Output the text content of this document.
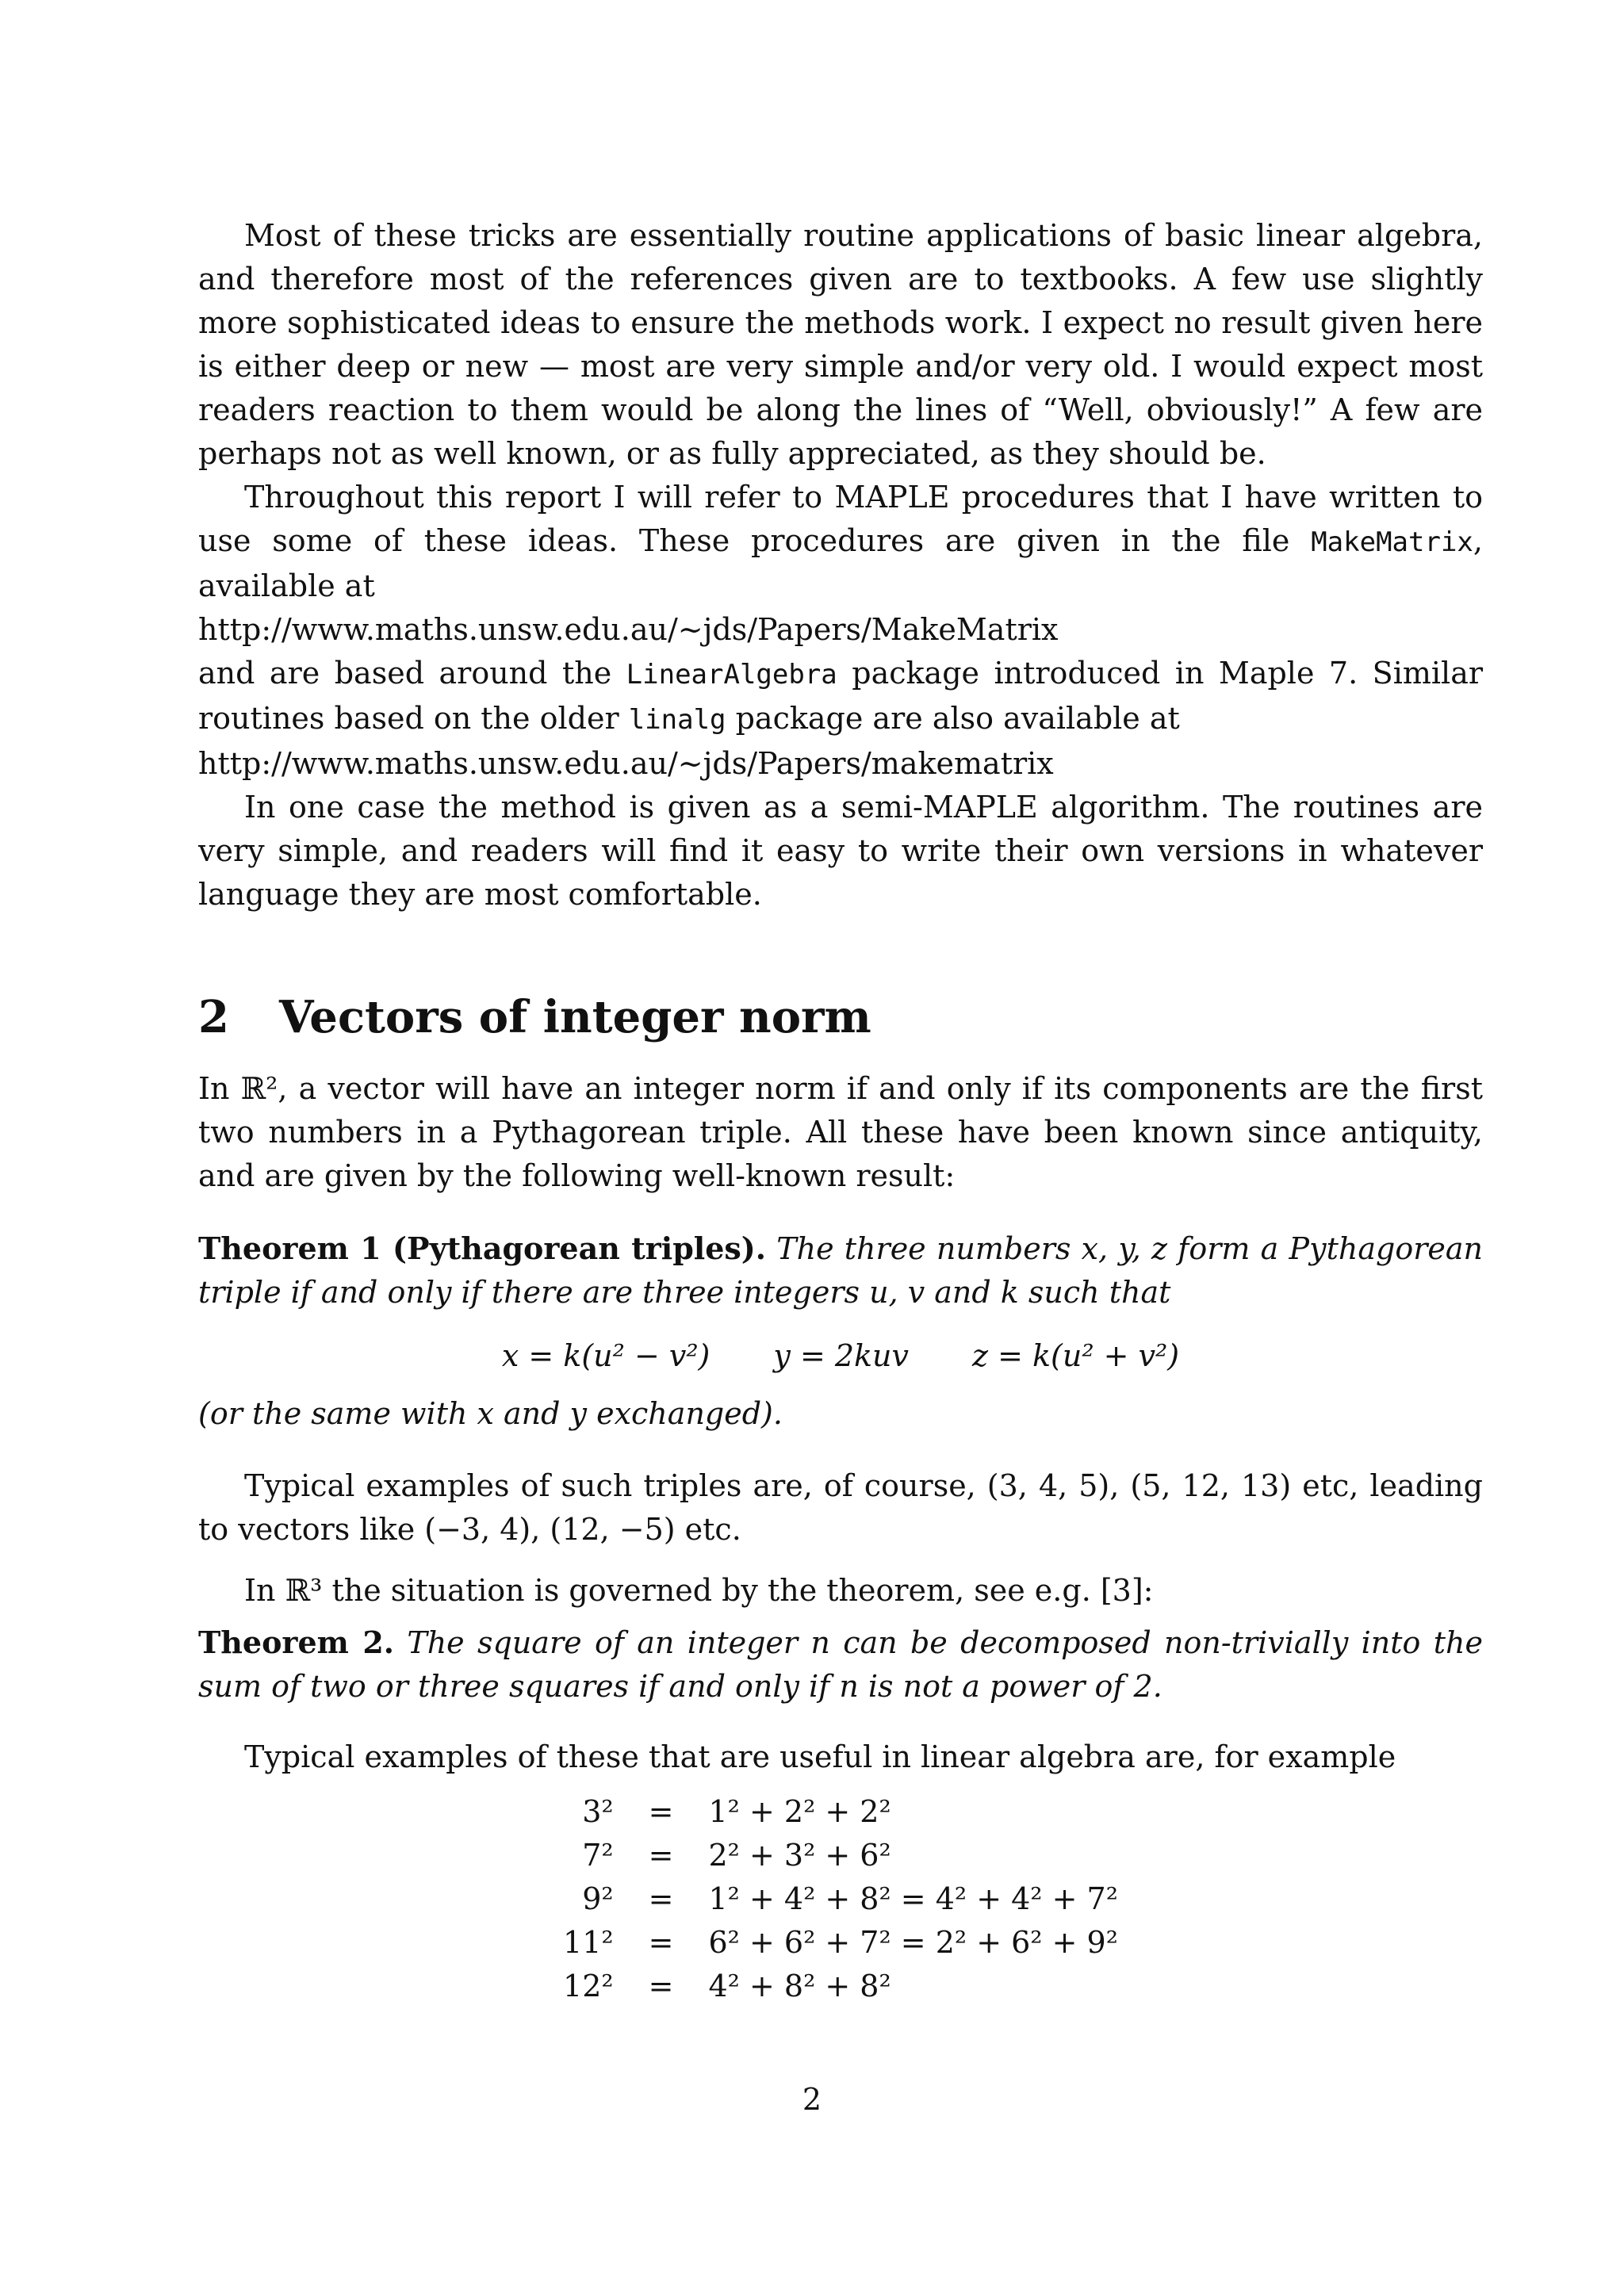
Most of these tricks are essentially routine applications of basic linear algebra, and therefore most of the references given are to textbooks. A few use slightly more sophisticated ideas to ensure the methods work. I expect no result given here is either deep or new — most are very simple and/or very old. I would expect most readers reaction to them would be along the lines of “Well, obviously!” A few are perhaps not as well known, or as fully appreciated, as they should be.

Throughout this report I will refer to MAPLE procedures that I have written to use some of these ideas. These procedures are given in the file MakeMatrix, available at
http://www.maths.unsw.edu.au/∼jds/Papers/MakeMatrix
and are based around the LinearAlgebra package introduced in Maple 7. Similar routines based on the older linalg package are also available at
http://www.maths.unsw.edu.au/∼jds/Papers/makematrix

In one case the method is given as a semi-MAPLE algorithm. The routines are very simple, and readers will find it easy to write their own versions in whatever language they are most comfortable.

2 Vectors of integer norm

In ℝ², a vector will have an integer norm if and only if its components are the first two numbers in a Pythagorean triple. All these have been known since antiquity, and are given by the following well-known result:

Theorem 1 (Pythagorean triples). The three numbers x, y, z form a Pythagorean triple if and only if there are three integers u, v and k such that

x = k(u² − v²) y = 2kuv z = k(u² + v²)

(or the same with x and y exchanged).

Typical examples of such triples are, of course, (3, 4, 5), (5, 12, 13) etc, leading to vectors like (−3, 4), (12, −5) etc.

In ℝ³ the situation is governed by the theorem, see e.g. [3]:

Theorem 2. The square of an integer n can be decomposed non-trivially into the sum of two or three squares if and only if n is not a power of 2.

Typical examples of these that are useful in linear algebra are, for example

3²	=	1² + 2² + 2²
7²	=	2² + 3² + 6²
9²	=	1² + 4² + 8² = 4² + 4² + 7²
11²	=	6² + 6² + 7² = 2² + 6² + 9²
12²	=	4² + 8² + 8²
2
